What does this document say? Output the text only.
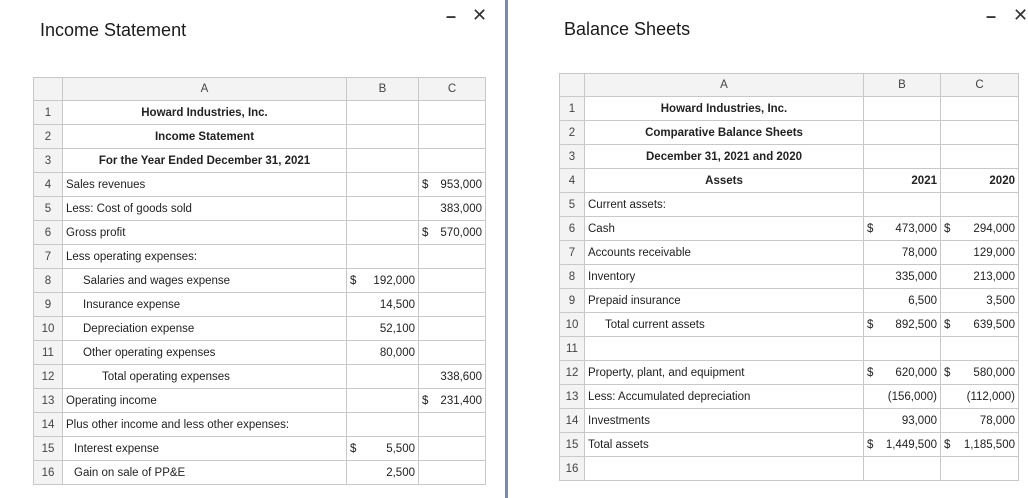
Income Statement
– ✕
	A	B	C
1	Howard Industries, Inc.	

2	Income Statement	

3	For the Year Ended December 31, 2021	

4	Sales revenues		$ 953,000
5	Less: Cost of goods sold		383,000
6	Gross profit		$ 570,000
7	Less operating expenses:	

8	Salaries and wages expense	$ 192,000	

9	Insurance expense	14,500	

10	Depreciation expense	52,100	

11	Other operating expenses	80,000	

12	Total operating expenses		338,600
13	Operating income		$ 231,400
14	Plus other income and less other expenses:	

15	Interest expense	$ 5,500	

16	Gain on sale of PP&E	2,500	
Balance Sheets
– ✕
	A	B	C
1	Howard Industries, Inc.	

2	Comparative Balance Sheets	

3	December 31, 2021 and 2020	

4	Assets	2021	2020
5	Current assets:	

6	Cash	$ 473,000	$ 294,000
7	Accounts receivable	78,000	129,000
8	Inventory	335,000	213,000
9	Prepaid insurance	6,500	3,500
10	Total current assets	$ 892,500	$ 639,500
11		

12	Property, plant, and equipment	$ 620,000	$ 580,000
13	Less: Accumulated depreciation	(156,000)	(112,000)
14	Investments	93,000	78,000
15	Total assets	$ 1,449,500	$ 1,185,500
16		
